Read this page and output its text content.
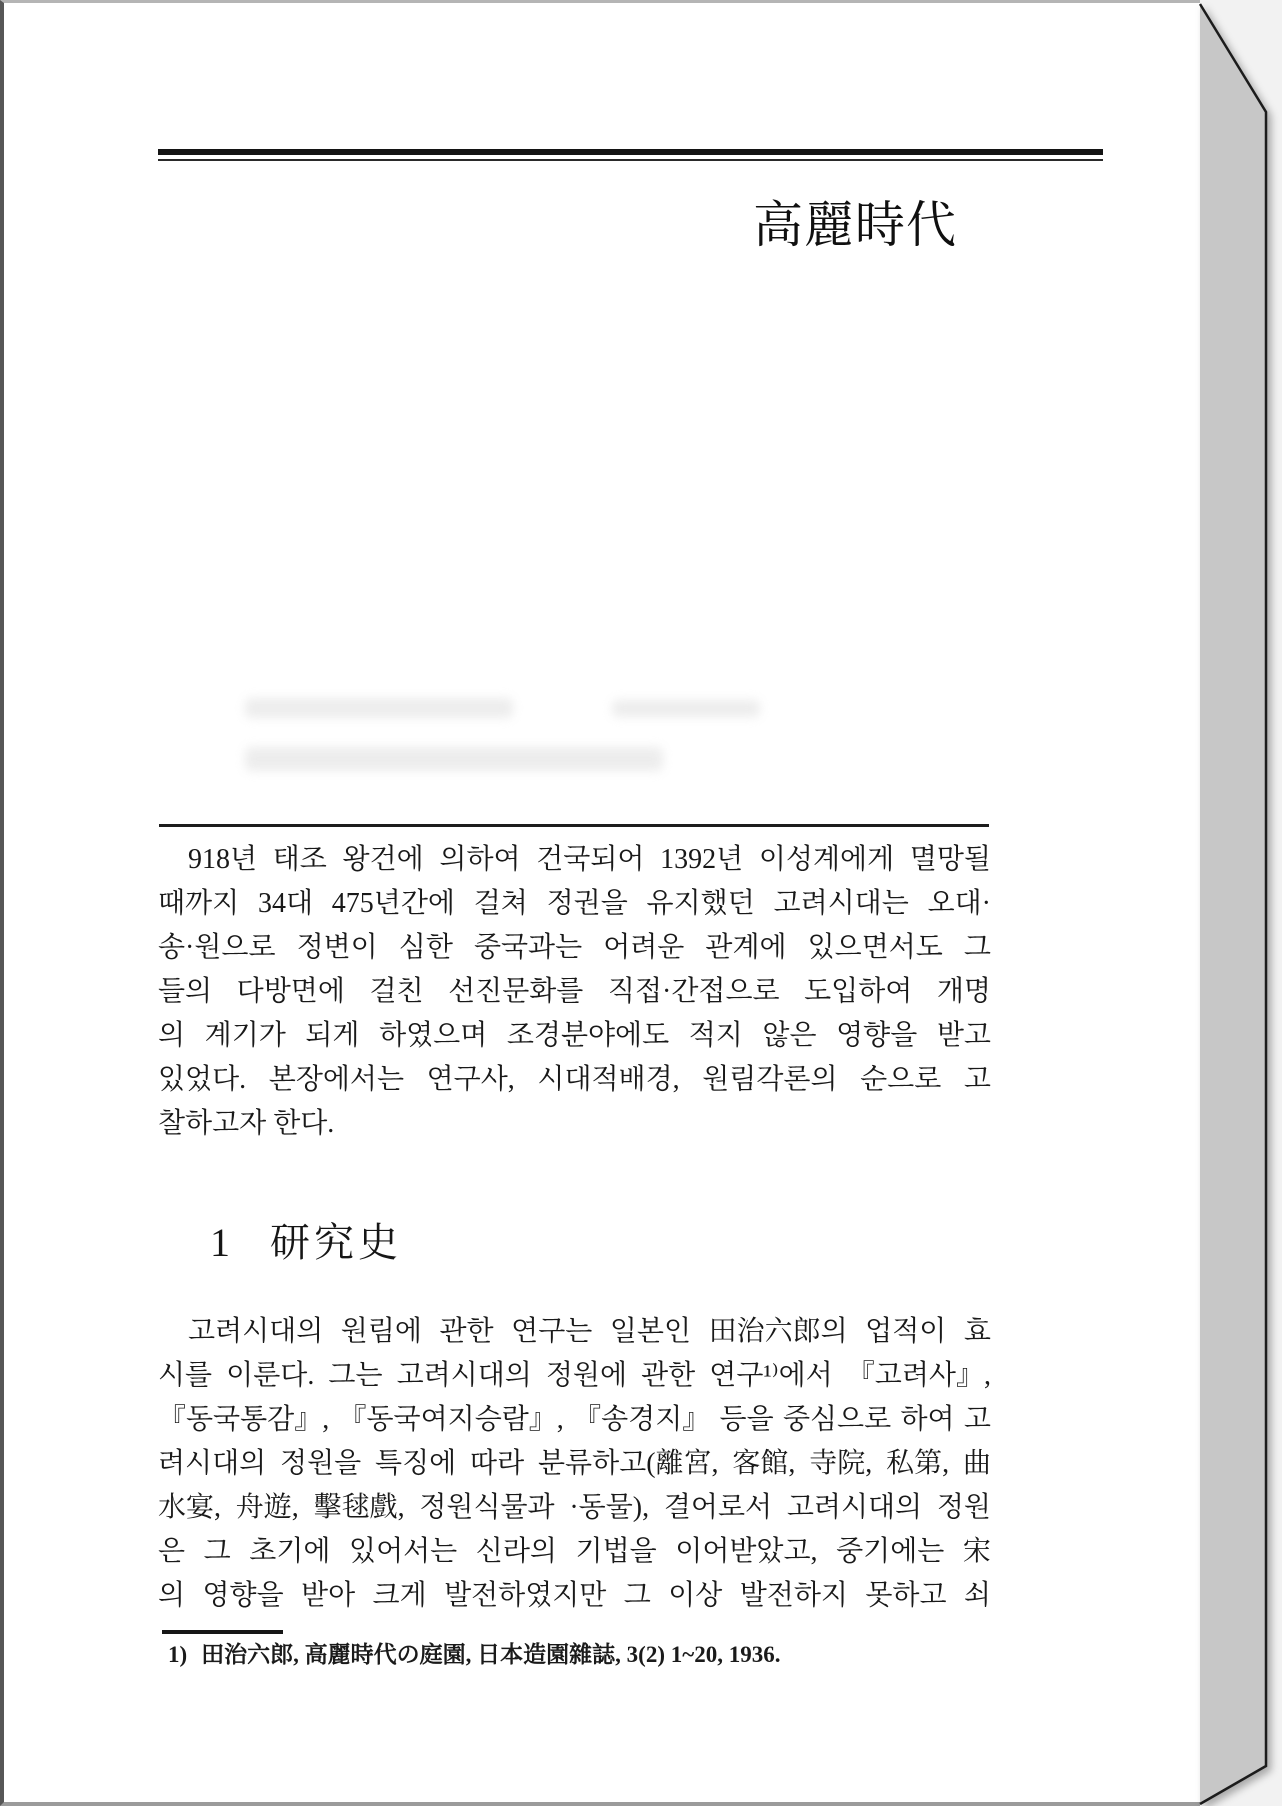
高麗時代
918년 태조 왕건에 의하여 건국되어 1392년 이성계에게 멸망될
때까지 34대 475년간에 걸쳐 정권을 유지했던 고려시대는 오대·
송·원으로 정변이 심한 중국과는 어려운 관계에 있으면서도 그
들의 다방면에 걸친 선진문화를 직접·간접으로 도입하여 개명
의 계기가 되게 하였으며 조경분야에도 적지 않은 영향을 받고
있었다. 본장에서는 연구사, 시대적배경, 원림각론의 순으로 고
찰하고자 한다.
1 研究史
고려시대의 원림에 관한 연구는 일본인 田治六郎의 업적이 효
시를 이룬다. 그는 고려시대의 정원에 관한 연구¹⁾에서 『고려사』,
『동국통감』, 『동국여지승람』, 『송경지』 등을 중심으로 하여 고
려시대의 정원을 특징에 따라 분류하고(離宮, 客館, 寺院, 私第, 曲
水宴, 舟遊, 擊毬戲, 정원식물과 ·동물), 결어로서 고려시대의 정원
은 그 초기에 있어서는 신라의 기법을 이어받았고, 중기에는 宋
의 영향을 받아 크게 발전하였지만 그 이상 발전하지 못하고 쇠
1) 田治六郎, 高麗時代の庭園, 日本造園雜誌, 3(2) 1~20, 1936.
